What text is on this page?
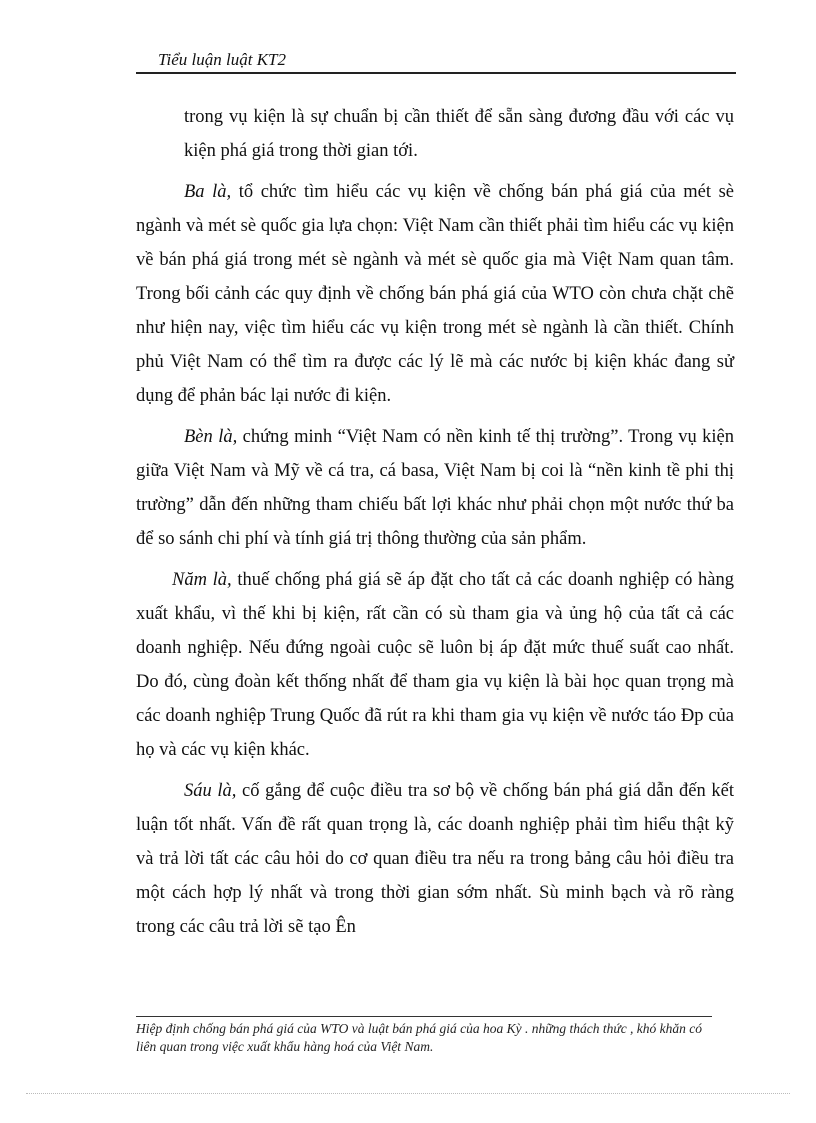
Tiểu luận luật KT2

trong vụ kiện là sự chuẩn bị cần thiết để sẵn sàng đương đầu với các vụ kiện phá giá trong thời gian tới.

Ba là, tổ chức tìm hiểu các vụ kiện về chống bán phá giá của mét sè ngành và mét sè quốc gia lựa chọn: Việt Nam cần thiết phải tìm hiểu các vụ kiện về bán phá giá trong mét sè ngành và mét sè quốc gia mà Việt Nam quan tâm. Trong bối cảnh các quy định về chống bán phá giá của WTO còn chưa chặt chẽ như hiện nay, việc tìm hiểu các vụ kiện trong mét sè ngành là cần thiết. Chính phủ Việt Nam có thể tìm ra được các lý lẽ mà các nước bị kiện khác đang sử dụng để phản bác lại nước đi kiện.

Bèn là, chứng minh “Việt Nam có nền kinh tế thị trường”. Trong vụ kiện giữa Việt Nam và Mỹ về cá tra, cá basa, Việt Nam bị coi là “nền kinh tề phi thị trường” dẫn đến những tham chiếu bất lợi khác như phải chọn một nước thứ ba để so sánh chi phí và tính giá trị thông thường của sản phẩm.

Năm là, thuế chống phá giá sẽ áp đặt cho tất cả các doanh nghiệp có hàng xuất khẩu, vì thế khi bị kiện, rất cần có sù tham gia và ủng hộ của tất cả các doanh nghiệp. Nếu đứng ngoài cuộc sẽ luôn bị áp đặt mức thuế suất cao nhất. Do đó, cùng đoàn kết thống nhất để tham gia vụ kiện là bài học quan trọng mà các doanh nghiệp Trung Quốc đã rút ra khi tham gia vụ kiện về nước táo Đp của họ và các vụ kiện khác.

Sáu là, cố gắng để cuộc điều tra sơ bộ về chống bán phá giá dẫn đến kết luận tốt nhất. Vấn đề rất quan trọng là, các doanh nghiệp phải tìm hiểu thật kỹ và trả lời tất các câu hỏi do cơ quan điều tra nếu ra trong bảng câu hỏi điều tra một cách hợp lý nhất và trong thời gian sớm nhất. Sù minh bạch và rõ ràng trong các câu trả lời sẽ tạo Ên

Hiệp định chống bán phá giá của WTO và luật bán phá giá của hoa Kỳ . những thách thức , khó khăn có liên quan trong việc xuất khẩu hàng hoá của Việt Nam.
